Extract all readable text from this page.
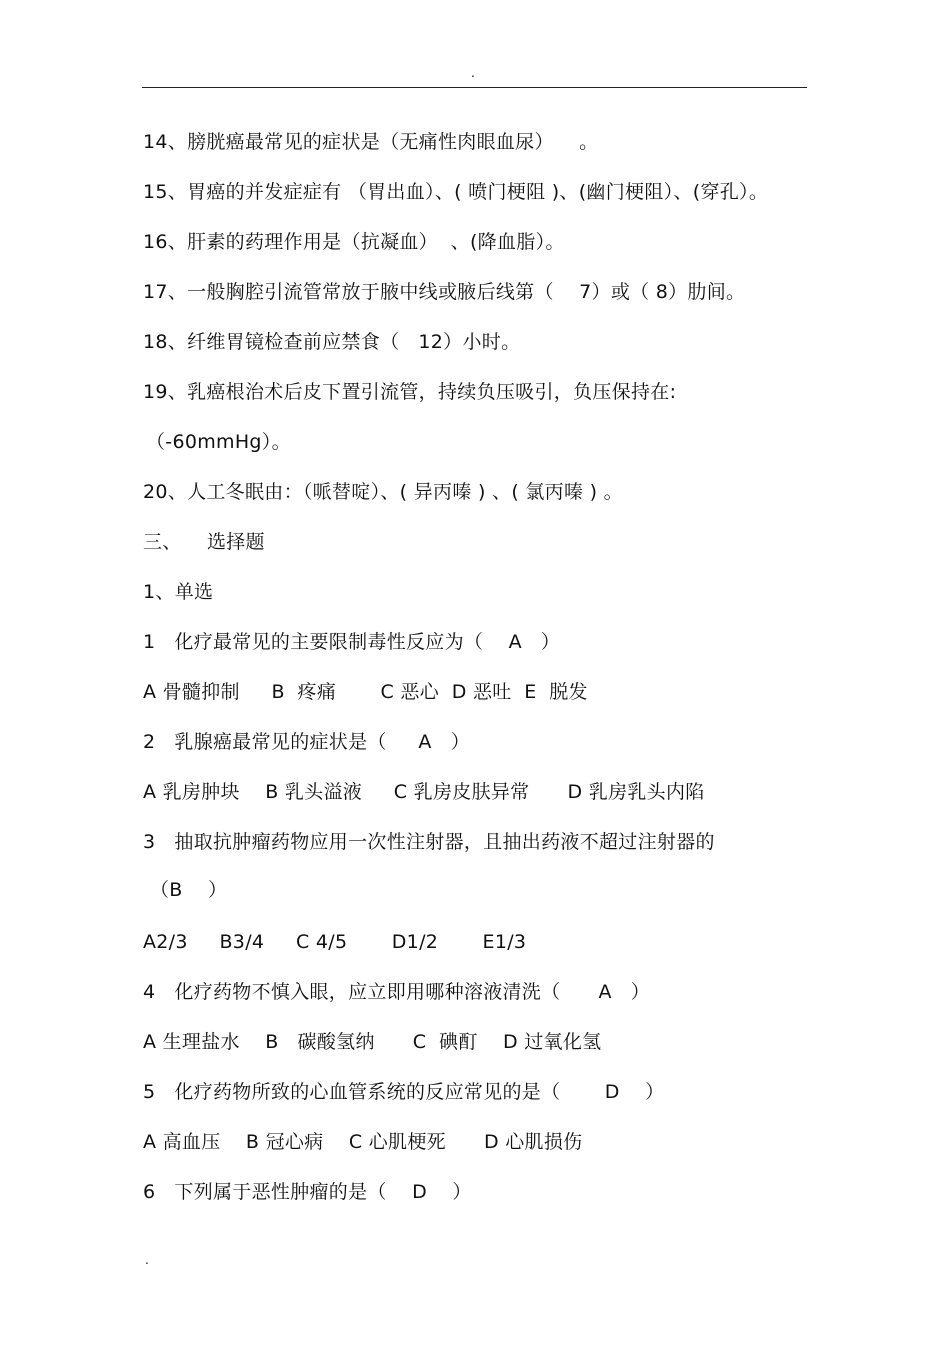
.
14、膀胱癌最常见的症状是（无痛性肉眼血尿）    。
15、胃癌的并发症症有 （胃出血）、( 喷门梗阻 )、(幽门梗阻）、(穿孔）。
16、肝素的药理作用是（抗凝血）  、(降血脂）。
17、一般胸腔引流管常放于腋中线或腋后线第（    7）或（ 8）肋间。
18、纤维胃镜检查前应禁食（   12）小时。
19、乳癌根治术后皮下置引流管，持续负压吸引，负压保持在:
（-60mmHg）。
20、人工冬眠由：（哌替啶）、( 异丙嗪 ) 、( 氯丙嗪 ) 。
三、    选择题
1、单选
1   化疗最常见的主要限制毒性反应为（    A   ）
A 骨髓抑制     B  疼痛       C 恶心  D 恶吐  E  脱发
2   乳腺癌最常见的症状是（     A   ）
A 乳房肿块    B 乳头溢液     C 乳房皮肤异常      D 乳房乳头内陷
3   抽取抗肿瘤药物应用一次性注射器，且抽出药液不超过注射器的
（B    ）
A2/3     B3/4     C 4/5       D1/2       E1/3
4   化疗药物不慎入眼，应立即用哪种溶液清洗（      A   ）
A 生理盐水    B   碳酸氢纳      C  碘酊    D 过氧化氢
5   化疗药物所致的心血管系统的反应常见的是（       D    ）
A 高血压    B 冠心病    C 心肌梗死      D 心肌损伤
6   下列属于恶性肿瘤的是（    D    ）
.
